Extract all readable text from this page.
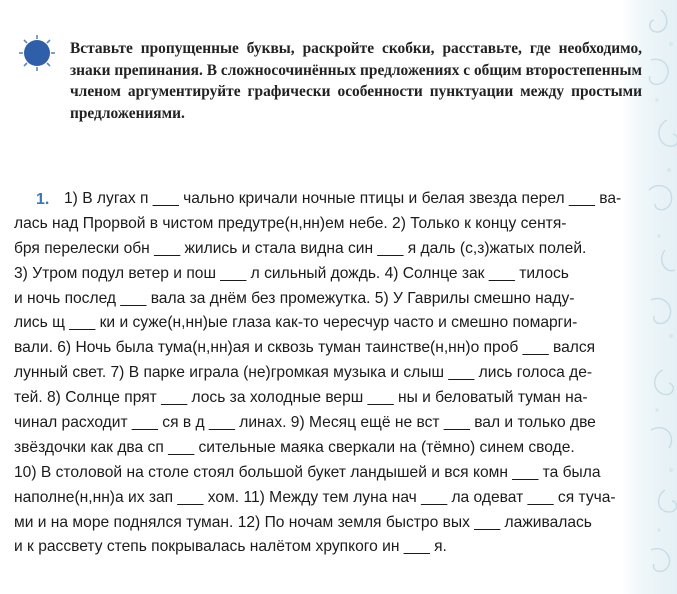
Вставьте пропущенные буквы, раскройте скобки, расставьте, где необходимо, знаки препинания. В сложносочинённых предложениях с общим второстепенным членом аргументируйте графически особенности пунктуации между простыми предложениями.
1. 1) В лугах п ___ чально кричали ночные птицы и белая звезда перел ___ ва-
лась над Прорвой в чистом предутре(н,нн)ем небе. 2) Только к концу сентя-
бря перелески обн ___ жились и стала видна син ___ я даль (с,з)жатых полей.
3) Утром подул ветер и пош ___ л сильный дождь. 4) Солнце зак ___ тилось
и ночь послед ___ вала за днём без промежутка. 5) У Гаврилы смешно наду-
лись щ ___ ки и суже(н,нн)ые глаза как-то чересчур часто и смешно помарги-
вали. 6) Ночь была тума(н,нн)ая и сквозь туман таинстве(н,нн)о проб ___ вался
лунный свет. 7) В парке играла (не)громкая музыка и слыш ___ лись голоса де-
тей. 8) Солнце прят ___ лось за холодные верш ___ ны и беловатый туман на-
чинал расходит ___ ся в д ___ линах. 9) Месяц ещё не вст ___ вал и только две
звёздочки как два сп ___ сительные маяка сверкали на (тёмно) синем своде.
10) В столовой на столе стоял большой букет ландышей и вся комн ___ та была
наполне(н,нн)а их зап ___ хом. 11) Между тем луна нач ___ ла одеват ___ ся туча-
ми и на море поднялся туман. 12) По ночам земля быстро вых ___ лаживалась
и к рассвету степь покрывалась налётом хрупкого ин ___ я.
